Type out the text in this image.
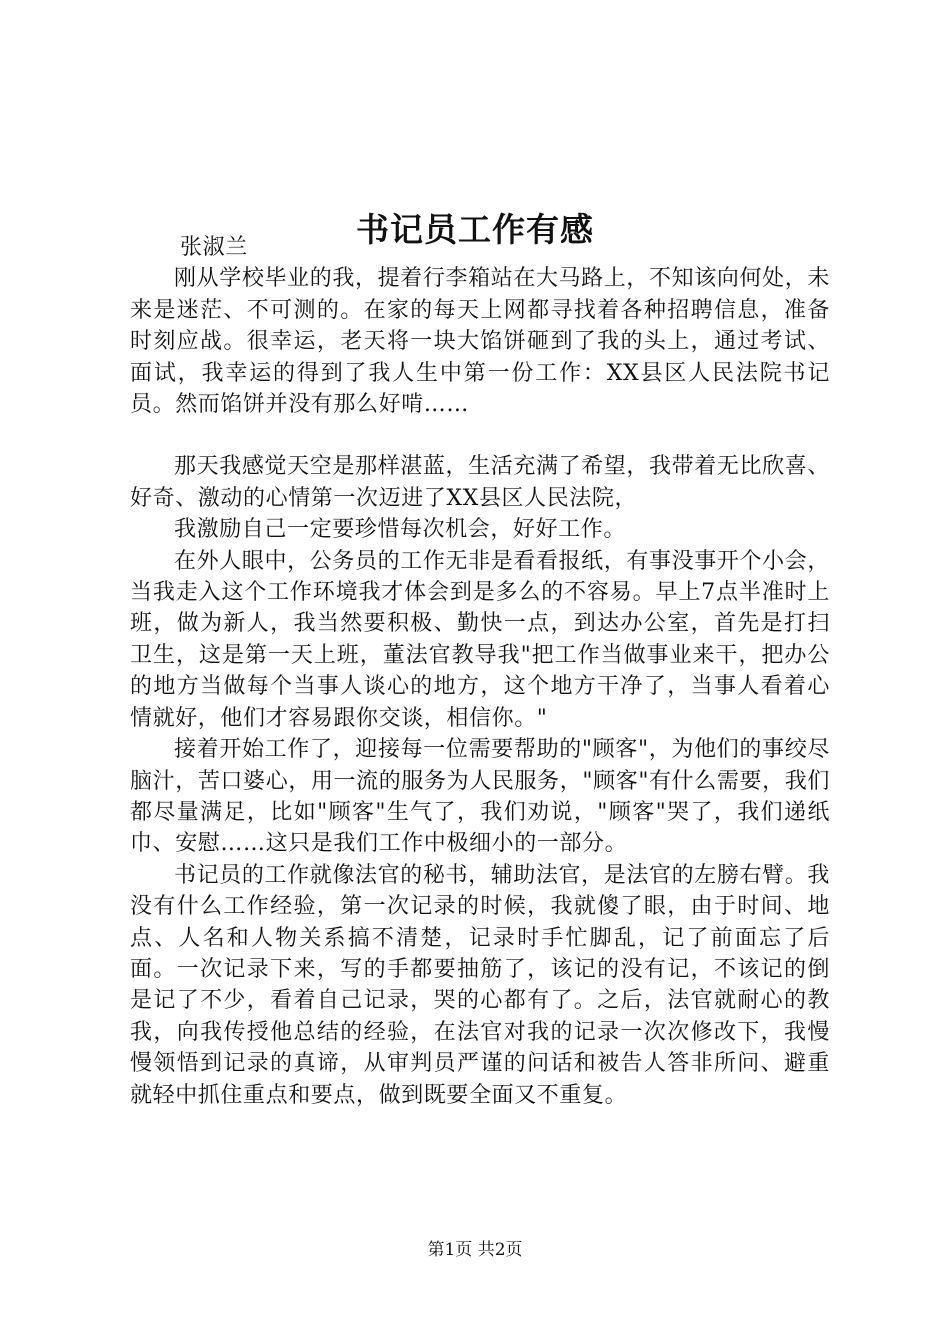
书记员工作有感

张淑兰

刚从学校毕业的我，提着行李箱站在大马路上，不知该向何处，未来是迷茫、不可测的。在家的每天上网都寻找着各种招聘信息，准备时刻应战。很幸运，老天将一块大馅饼砸到了我的头上，通过考试、面试，我幸运的得到了我人生中第一份工作：XX县区人民法院书记员。然而馅饼并没有那么好啃……

那天我感觉天空是那样湛蓝，生活充满了希望，我带着无比欣喜、好奇、激动的心情第一次迈进了XX县区人民法院，

我激励自己一定要珍惜每次机会，好好工作。

在外人眼中，公务员的工作无非是看看报纸，有事没事开个小会，当我走入这个工作环境我才体会到是多么的不容易。早上7点半准时上班，做为新人，我当然要积极、勤快一点，到达办公室，首先是打扫卫生，这是第一天上班，董法官教导我"把工作当做事业来干，把办公的地方当做每个当事人谈心的地方，这个地方干净了，当事人看着心情就好，他们才容易跟你交谈，相信你。"

接着开始工作了，迎接每一位需要帮助的"顾客"，为他们的事绞尽脑汁，苦口婆心，用一流的服务为人民服务，"顾客"有什么需要，我们都尽量满足，比如"顾客"生气了，我们劝说，"顾客"哭了，我们递纸巾、安慰……这只是我们工作中极细小的一部分。

书记员的工作就像法官的秘书，辅助法官，是法官的左膀右臂。我没有什么工作经验，第一次记录的时候，我就傻了眼，由于时间、地点、人名和人物关系搞不清楚，记录时手忙脚乱，记了前面忘了后面。一次记录下来，写的手都要抽筋了，该记的没有记，不该记的倒是记了不少，看着自己记录，哭的心都有了。之后，法官就耐心的教我，向我传授他总结的经验，在法官对我的记录一次次修改下，我慢慢领悟到记录的真谛，从审判员严谨的问话和被告人答非所问、避重就轻中抓住重点和要点，做到既要全面又不重复。

第1页 共2页
